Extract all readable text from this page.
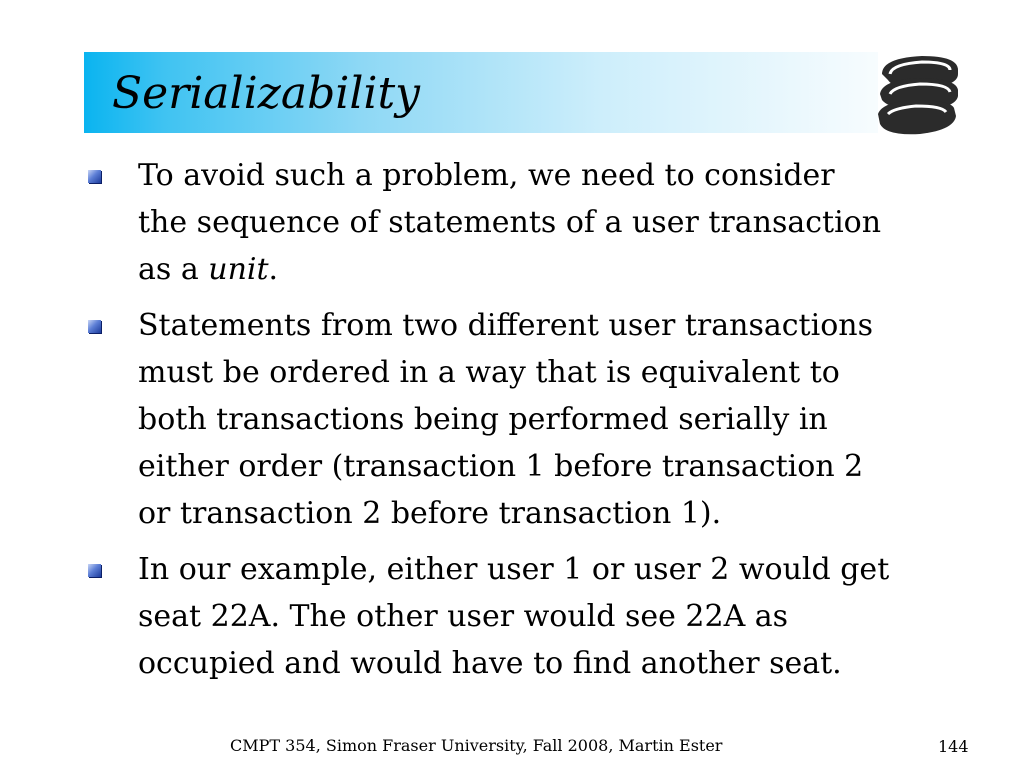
Serializability
To avoid such a problem, we need to consider
the sequence of statements of a user transaction
as a unit.
Statements from two different user transactions
must be ordered in a way that is equivalent to
both transactions being performed serially in
either order (transaction 1 before transaction 2
or transaction 2 before transaction 1).
In our example, either user 1 or user 2 would get
seat 22A. The other user would see 22A as
occupied and would have to find another seat.
CMPT 354, Simon Fraser University, Fall 2008, Martin Ester	144
